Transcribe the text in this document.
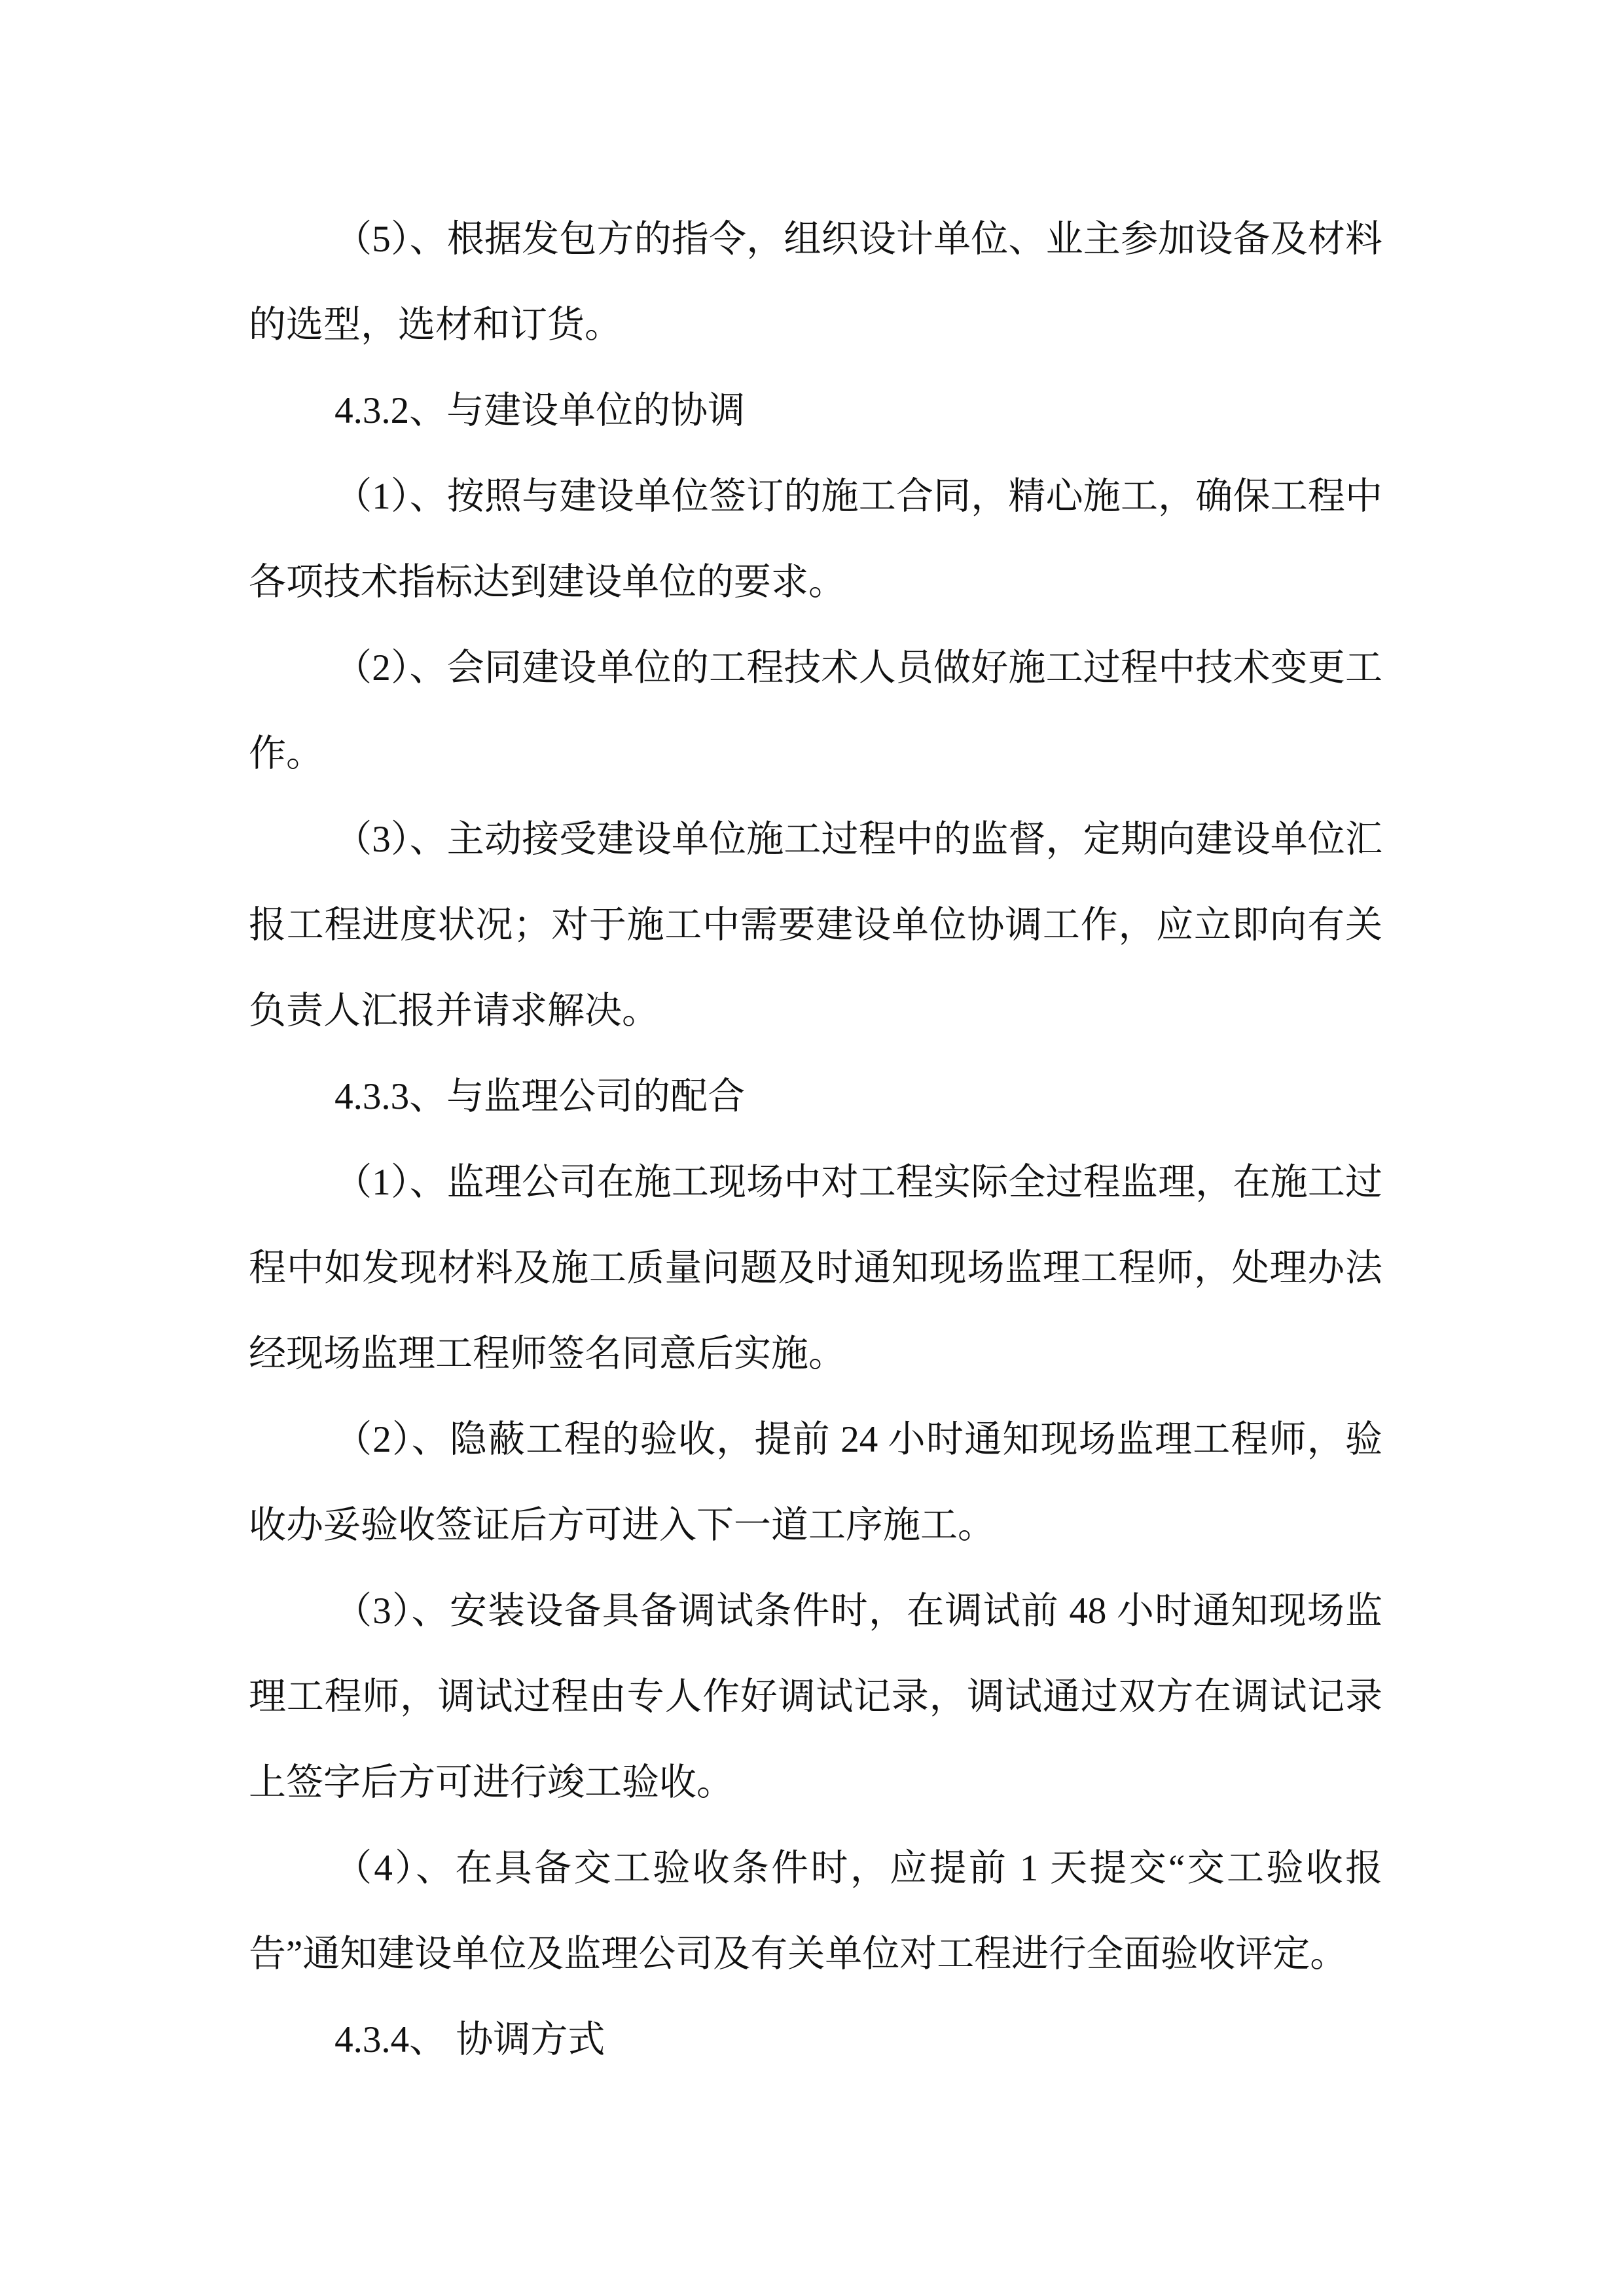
（5）、根据发包方的指令，组织设计单位、业主参加设备及材料的选型，选材和订货。

4.3.2、与建设单位的协调

（1）、按照与建设单位签订的施工合同，精心施工，确保工程中各项技术指标达到建设单位的要求。

（2）、会同建设单位的工程技术人员做好施工过程中技术变更工作。

（3）、主动接受建设单位施工过程中的监督，定期向建设单位汇报工程进度状况；对于施工中需要建设单位协调工作，应立即向有关负责人汇报并请求解决。

4.3.3、与监理公司的配合

（1）、监理公司在施工现场中对工程实际全过程监理，在施工过程中如发现材料及施工质量问题及时通知现场监理工程师，处理办法经现场监理工程师签名同意后实施。

（2）、隐蔽工程的验收，提前 24 小时通知现场监理工程师，验收办妥验收签证后方可进入下一道工序施工。

（3）、安装设备具备调试条件时，在调试前 48 小时通知现场监理工程师，调试过程由专人作好调试记录，调试通过双方在调试记录上签字后方可进行竣工验收。

（4）、在具备交工验收条件时，应提前 1 天提交“交工验收报告”通知建设单位及监理公司及有关单位对工程进行全面验收评定。

4.3.4、 协调方式
